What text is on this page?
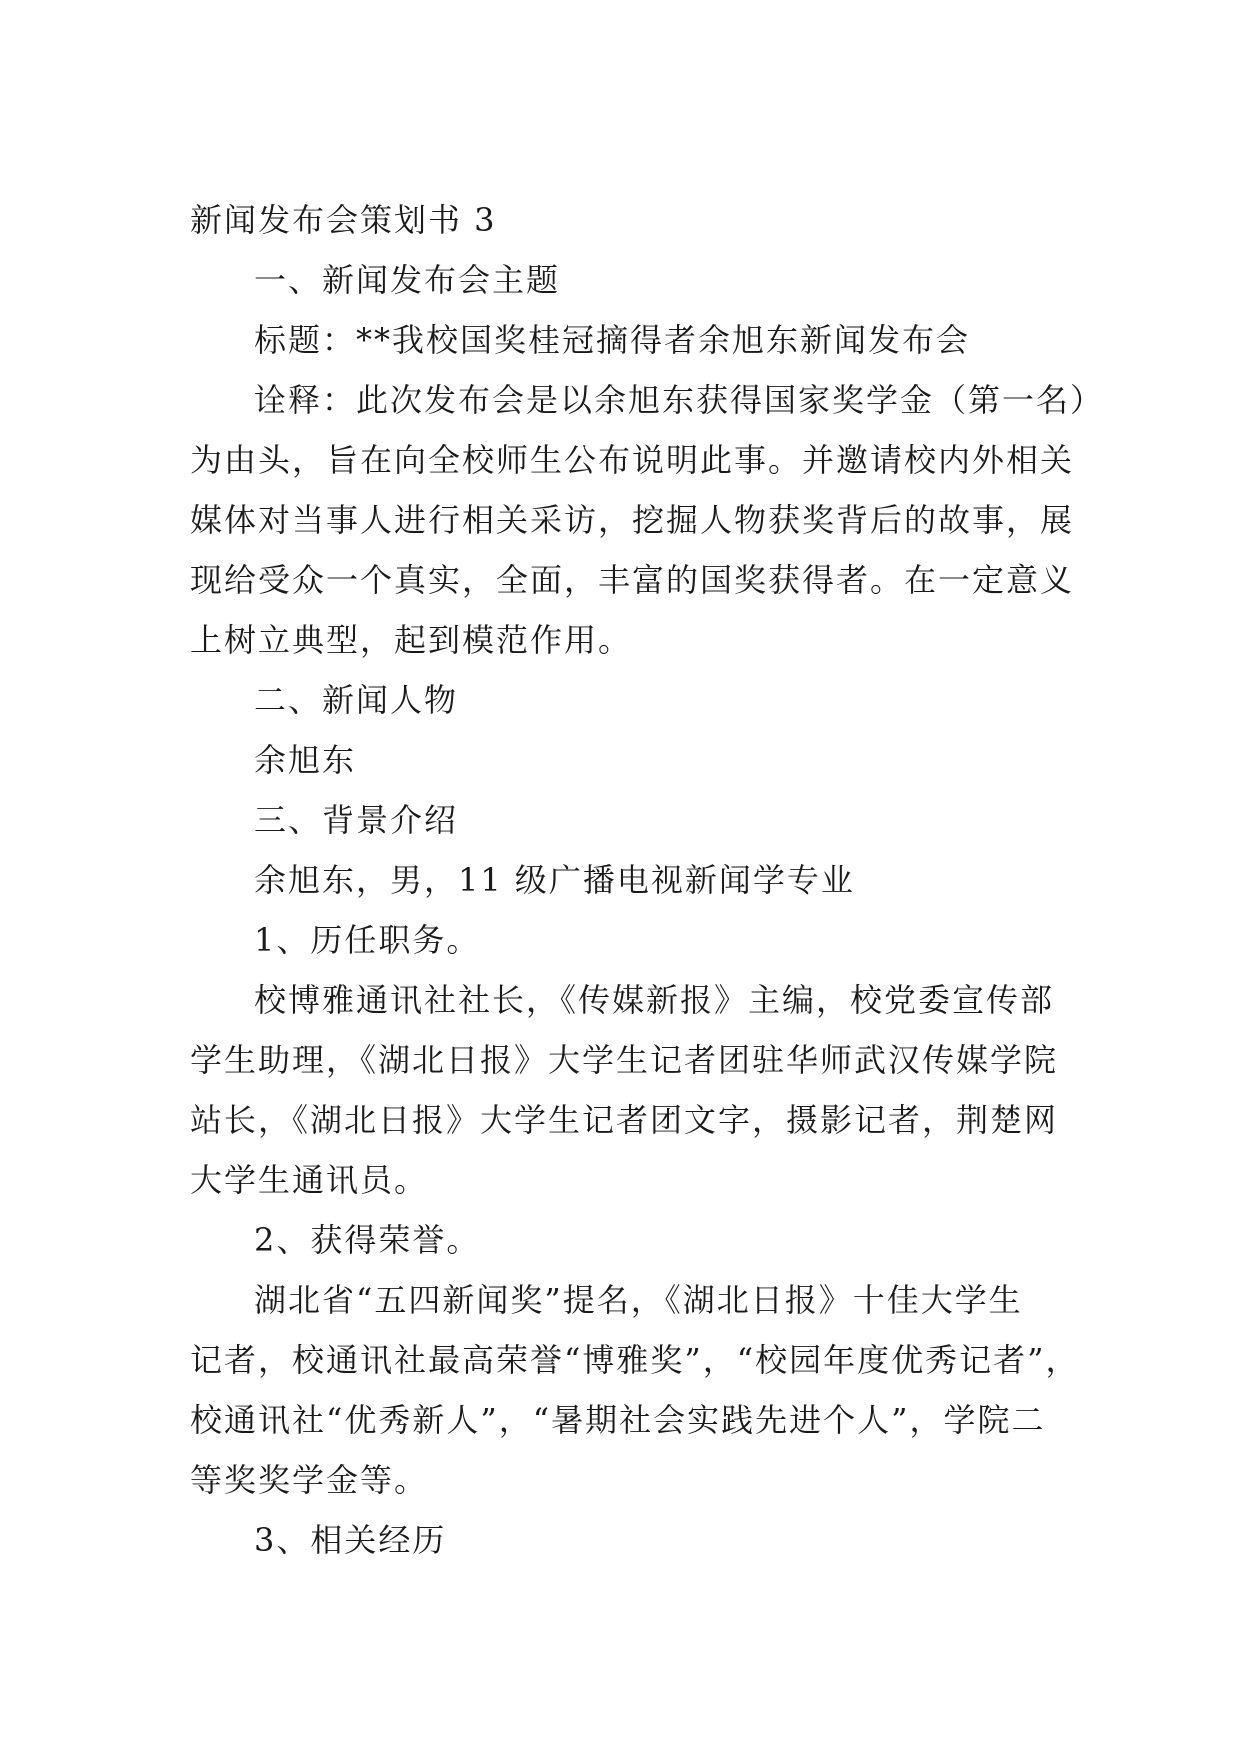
新闻发布会策划书 3
一、新闻发布会主题
标题：**我校国奖桂冠摘得者余旭东新闻发布会
诠释：此次发布会是以余旭东获得国家奖学金（第一名）
为由头，旨在向全校师生公布说明此事。并邀请校内外相关
媒体对当事人进行相关采访，挖掘人物获奖背后的故事，展
现给受众一个真实，全面，丰富的国奖获得者。在一定意义
上树立典型，起到模范作用。
二、新闻人物
余旭东
三、背景介绍
余旭东，男，11 级广播电视新闻学专业
1、历任职务。
校博雅通讯社社长，《传媒新报》主编，校党委宣传部
学生助理，《湖北日报》大学生记者团驻华师武汉传媒学院
站长，《湖北日报》大学生记者团文字，摄影记者，荆楚网
大学生通讯员。
2、获得荣誉。
湖北省“五四新闻奖”提名，《湖北日报》十佳大学生
记者，校通讯社最高荣誉“博雅奖”，“校园年度优秀记者”，
校通讯社“优秀新人”，“暑期社会实践先进个人”，学院二
等奖奖学金等。
3、相关经历
